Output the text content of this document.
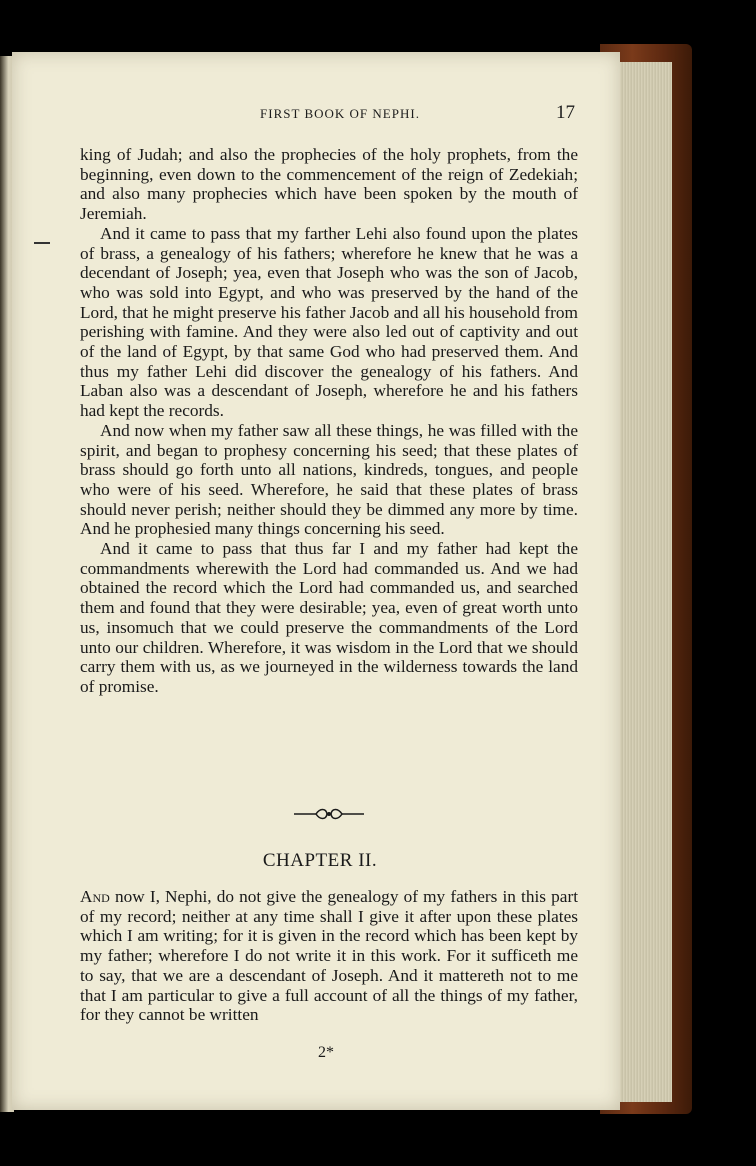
FIRST BOOK OF NEPHI.	17

king of Judah; and also the prophecies of the holy prophets, from the beginning, even down to the commencement of the reign of Zedekiah; and also many prophecies which have been spoken by the mouth of Jeremiah.

And it came to pass that my farther Lehi also found upon the plates of brass, a genealogy of his fathers; wherefore he knew that he was a decendant of Joseph; yea, even that Joseph who was the son of Jacob, who was sold into Egypt, and who was preserved by the hand of the Lord, that he might preserve his father Jacob and all his household from perishing with famine. And they were also led out of captivity and out of the land of Egypt, by that same God who had preserved them. And thus my father Lehi did discover the genealogy of his fathers. And Laban also was a descendant of Joseph, wherefore he and his fathers had kept the records.

And now when my father saw all these things, he was filled with the spirit, and began to prophesy concerning his seed; that these plates of brass should go forth unto all nations, kindreds, tongues, and people who were of his seed. Wherefore, he said that these plates of brass should never perish; neither should they be dimmed any more by time. And he prophesied many things concerning his seed.

And it came to pass that thus far I and my father had kept the commandments wherewith the Lord had commanded us. And we had obtained the record which the Lord had commanded us, and searched them and found that they were desirable; yea, even of great worth unto us, insomuch that we could preserve the commandments of the Lord unto our children. Wherefore, it was wisdom in the Lord that we should carry them with us, as we journeyed in the wilderness towards the land of promise.

CHAPTER II.

And now I, Nephi, do not give the genealogy of my fathers in this part of my record; neither at any time shall I give it after upon these plates which I am writing; for it is given in the record which has been kept by my father; wherefore I do not write it in this work. For it sufficeth me to say, that we are a descendant of Joseph. And it mattereth not to me that I am particular to give a full account of all the things of my father, for they cannot be written

2*
